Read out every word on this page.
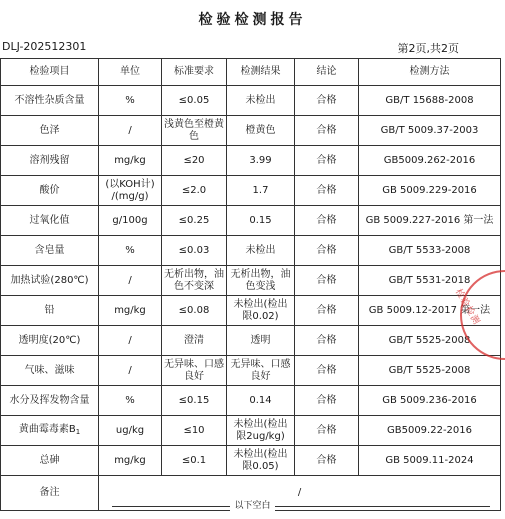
检验检测报告
DLJ-202512301	第2页,共2页
检验项目	单位	标准要求	检测结果	结论	检测方法
不溶性杂质含量	%	≤0.05	未检出	合格	GB/T 15688-2008
色泽	/	浅黄色至橙黄色	橙黄色	合格	GB/T 5009.37-2003
溶剂残留	mg/kg	≤20	3.99	合格	GB5009.262-2016
酸价	(以KOH计) /(mg/g)	≤2.0	1.7	合格	GB 5009.229-2016
过氧化值	g/100g	≤0.25	0.15	合格	GB 5009.227-2016 第一法
含皂量	%	≤0.03	未检出	合格	GB/T 5533-2008
加热试验(280℃)	/	无析出物，油色不变深	无析出物，油色变浅	合格	GB/T 5531-2018
铅	mg/kg	≤0.08	未检出(检出限0.02)	合格	GB 5009.12-2017 第一法
透明度(20℃)	/	澄清	透明	合格	GB/T 5525-2008
气味、滋味	/	无异味、口感良好	无异味、口感良好	合格	GB/T 5525-2008
水分及挥发物含量	%	≤0.15	0.14	合格	GB 5009.236-2016
黄曲霉毒素$B_1$	ug/kg	≤10	未检出(检出限2ug/kg)	合格	GB5009.22-2016
总砷	mg/kg	≤0.1	未检出(检出限0.05)	合格	GB 5009.11-2024
备注	/				
以下空白
检验检测
